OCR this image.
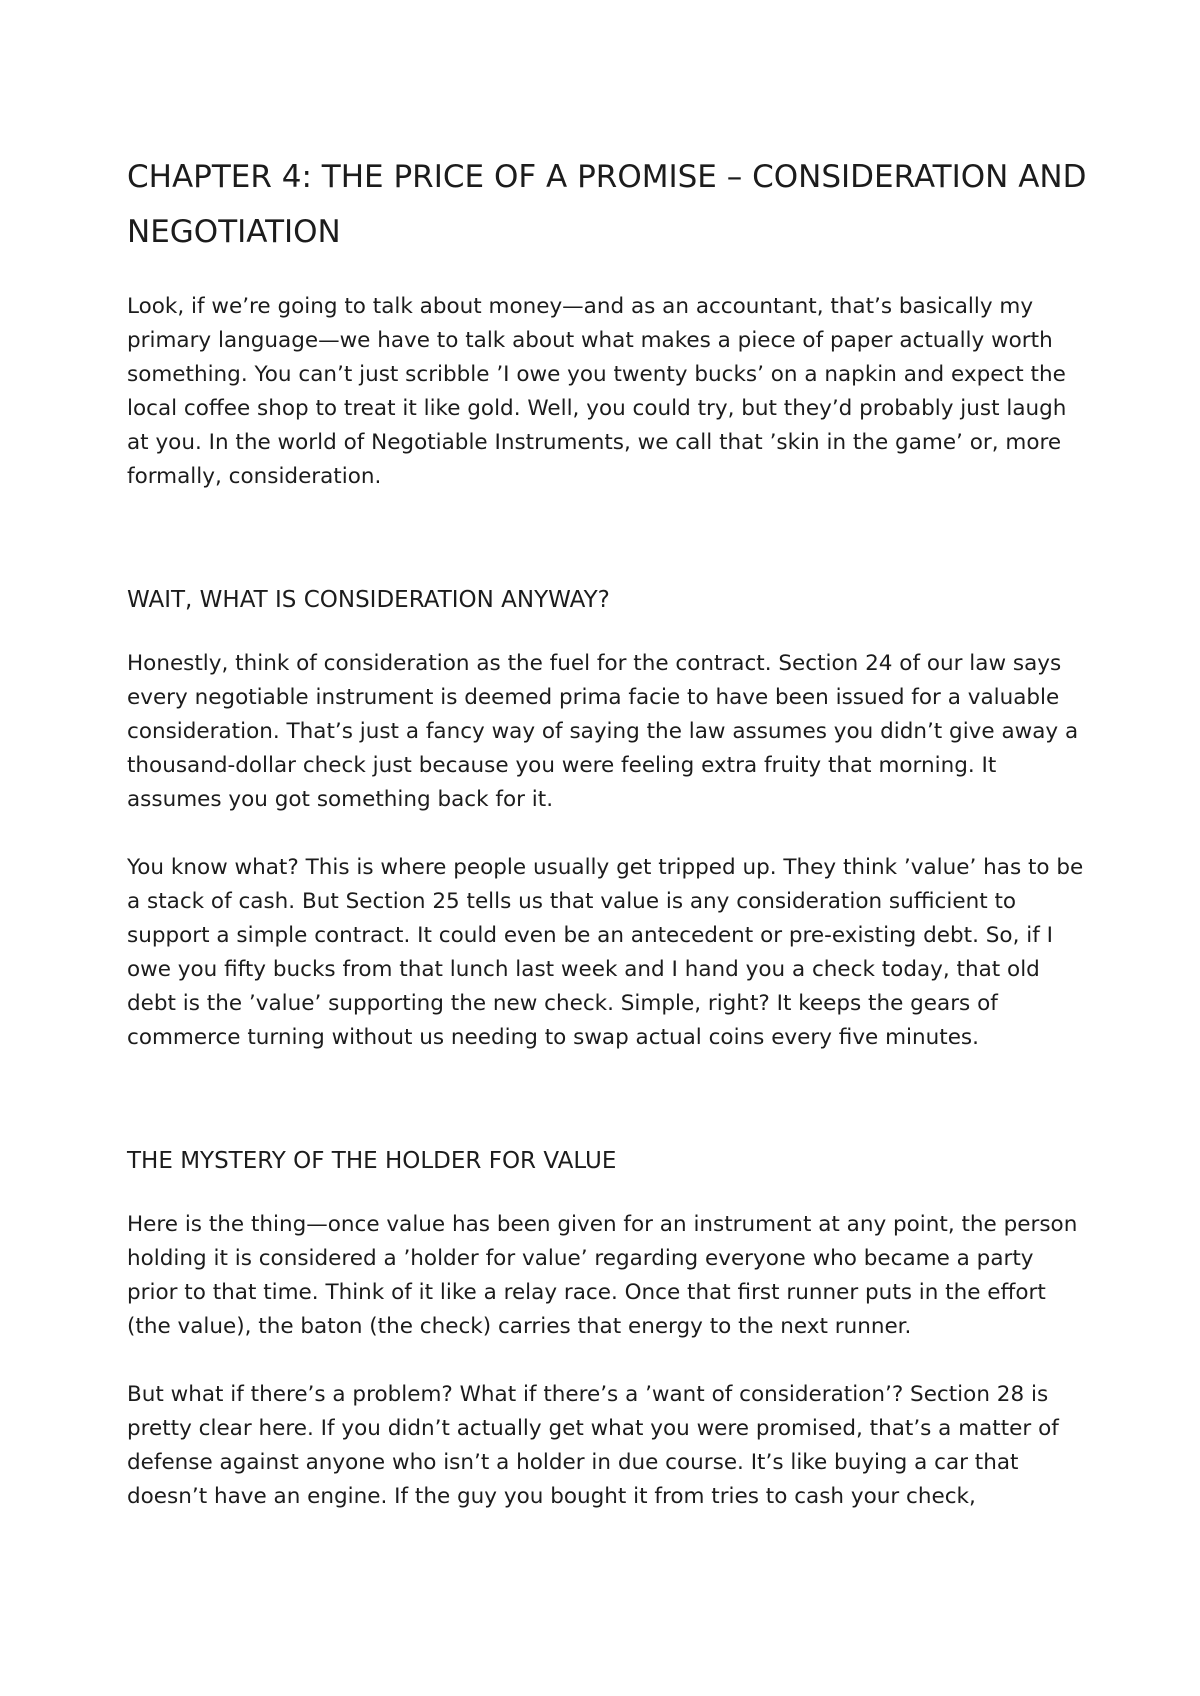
CHAPTER 4: THE PRICE OF A PROMISE – CONSIDERATION AND NEGOTIATION

Look, if we’re going to talk about money—and as an accountant, that’s basically my primary language—we have to talk about what makes a piece of paper actually worth something. You can’t just scribble ’I owe you twenty bucks’ on a napkin and expect the local coffee shop to treat it like gold. Well, you could try, but they’d probably just laugh at you. In the world of Negotiable Instruments, we call that ’skin in the game’ or, more formally, consideration.

WAIT, WHAT IS CONSIDERATION ANYWAY?

Honestly, think of consideration as the fuel for the contract. Section 24 of our law says every negotiable instrument is deemed prima facie to have been issued for a valuable consideration. That’s just a fancy way of saying the law assumes you didn’t give away a thousand-dollar check just because you were feeling extra fruity that morning. It assumes you got something back for it.

You know what? This is where people usually get tripped up. They think ’value’ has to be a stack of cash. But Section 25 tells us that value is any consideration sufficient to support a simple contract. It could even be an antecedent or pre-existing debt. So, if I owe you fifty bucks from that lunch last week and I hand you a check today, that old debt is the ’value’ supporting the new check. Simple, right? It keeps the gears of commerce turning without us needing to swap actual coins every five minutes.

THE MYSTERY OF THE HOLDER FOR VALUE

Here is the thing—once value has been given for an instrument at any point, the person holding it is considered a ’holder for value’ regarding everyone who became a party prior to that time. Think of it like a relay race. Once that first runner puts in the effort (the value), the baton (the check) carries that energy to the next runner.

But what if there’s a problem? What if there’s a ’want of consideration’? Section 28 is pretty clear here. If you didn’t actually get what you were promised, that’s a matter of defense against anyone who isn’t a holder in due course. It’s like buying a car that doesn’t have an engine. If the guy you bought it from tries to cash your check,
